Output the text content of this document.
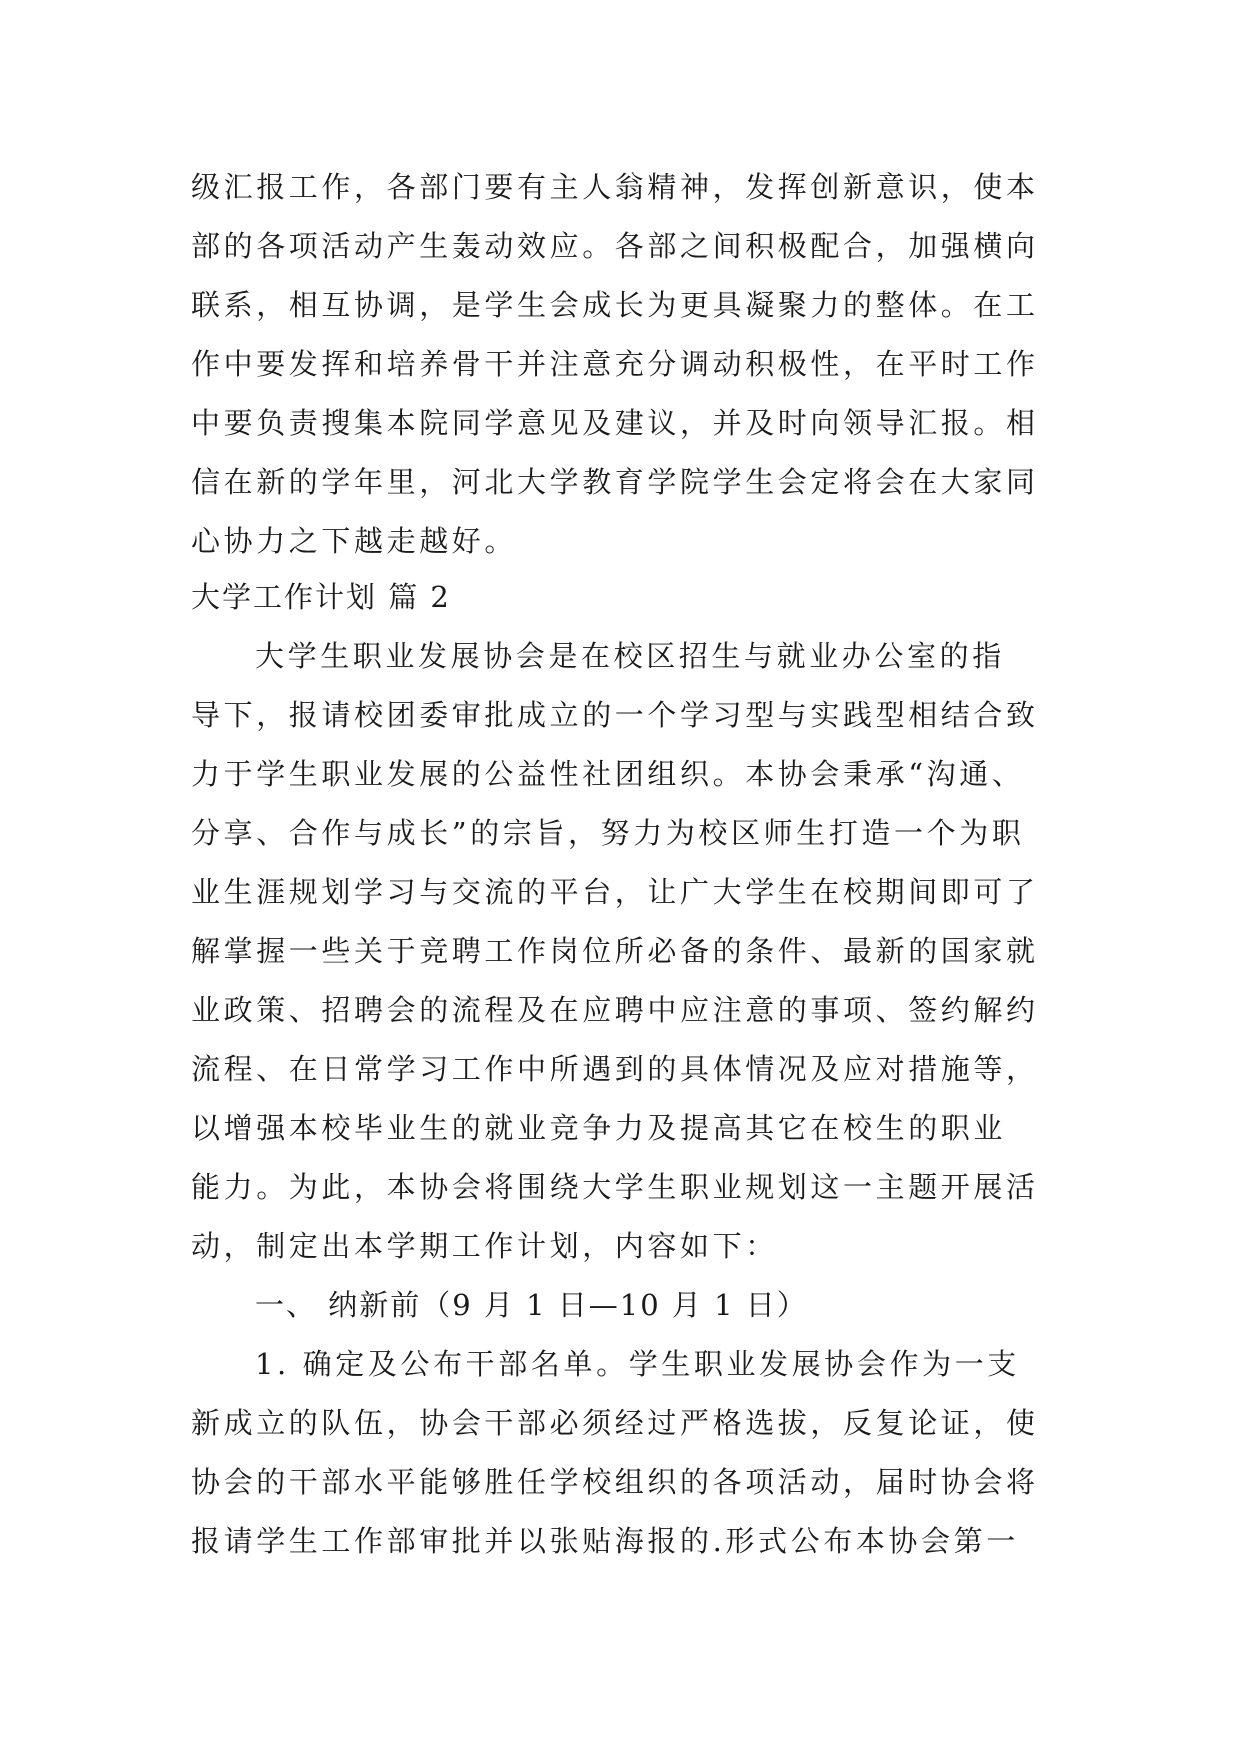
级汇报工作，各部门要有主人翁精神，发挥创新意识，使本
部的各项活动产生轰动效应。各部之间积极配合，加强横向
联系，相互协调，是学生会成长为更具凝聚力的整体。在工
作中要发挥和培养骨干并注意充分调动积极性，在平时工作
中要负责搜集本院同学意见及建议，并及时向领导汇报。相
信在新的学年里，河北大学教育学院学生会定将会在大家同
心协力之下越走越好。
大学工作计划 篇 2
大学生职业发展协会是在校区招生与就业办公室的指
导下，报请校团委审批成立的一个学习型与实践型相结合致
力于学生职业发展的公益性社团组织。本协会秉承“沟通、
分享、合作与成长”的宗旨，努力为校区师生打造一个为职
业生涯规划学习与交流的平台，让广大学生在校期间即可了
解掌握一些关于竞聘工作岗位所必备的条件、最新的国家就
业政策、招聘会的流程及在应聘中应注意的事项、签约解约
流程、在日常学习工作中所遇到的具体情况及应对措施等，
以增强本校毕业生的就业竞争力及提高其它在校生的职业
能力。为此，本协会将围绕大学生职业规划这一主题开展活
动，制定出本学期工作计划，内容如下：
一、 纳新前（9 月 1 日—10 月 1 日）
1. 确定及公布干部名单。学生职业发展协会作为一支
新成立的队伍，协会干部必须经过严格选拔，反复论证，使
协会的干部水平能够胜任学校组织的各项活动，届时协会将
报请学生工作部审批并以张贴海报的.形式公布本协会第一
